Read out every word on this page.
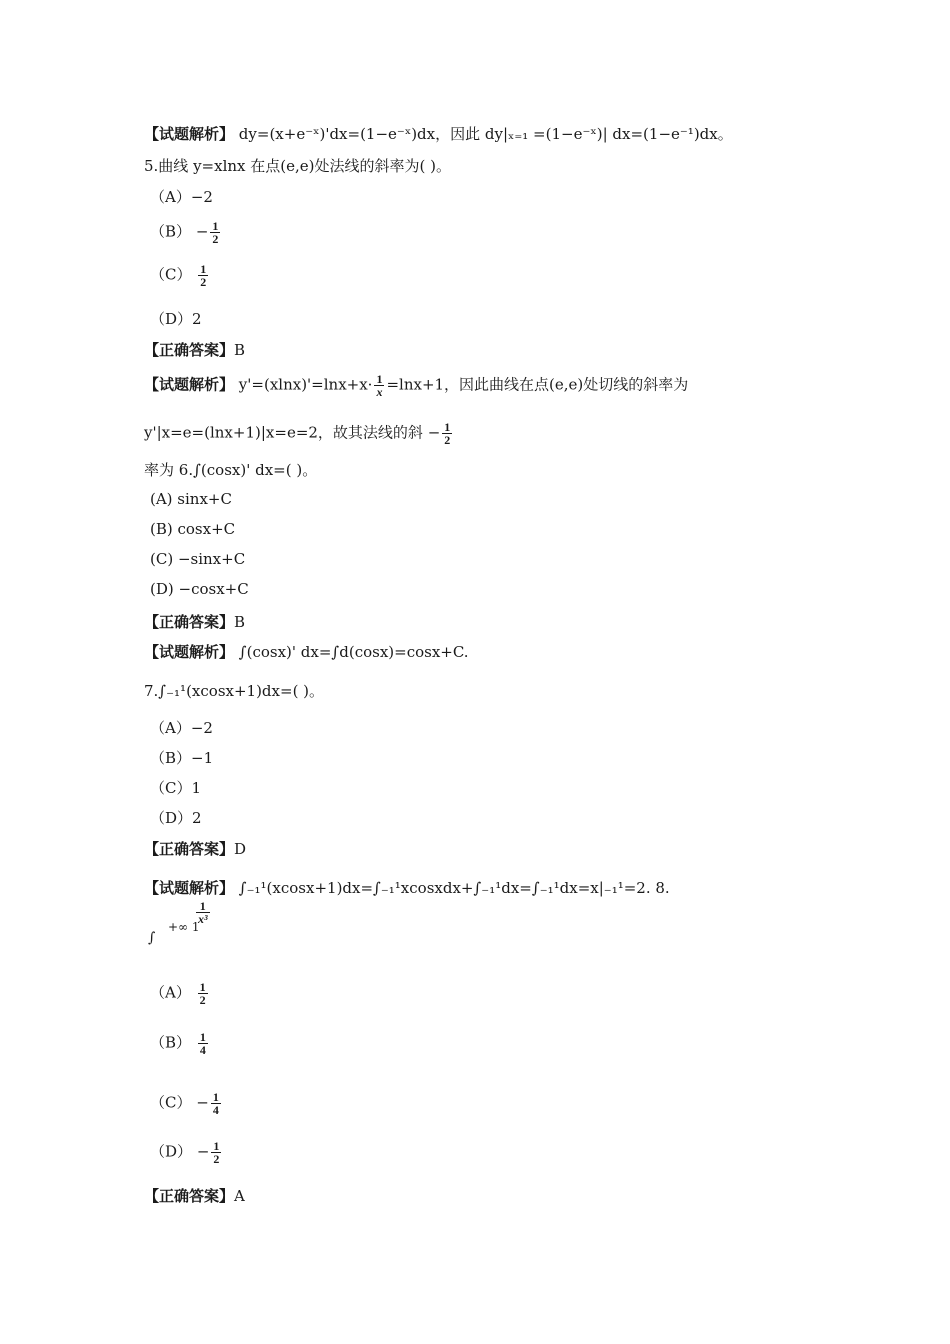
【试题解析】 dy=(x+e⁻ˣ)'dx=(1−e⁻ˣ)dx，因此 dy|ₓ₌₁ =(1−e⁻ˣ)| dx=(1−e⁻¹)dx。
5.曲线 y=xlnx 在点(e,e)处法线的斜率为( )。
（A）−2
$(B) - \frac{1}{2}$
$(C) \frac{1}{2}$
（D）2
【正确答案】B
【试题解析】 $y'=(xlnx)'=\ln x+x\cdot \frac{1}{x} =\ln x+1$，因此曲线在点(e,e)处切线的斜率为
y'|x=e=(lnx+1)|x=e=2，故其法线的斜 − $\frac{1}{2}$
率为 6.∫(cosx)' dx=( )。
(A) sinx+C
(B) cosx+C
(C) −sinx+C
(D) −cosx+C
【正确答案】B
【试题解析】 ∫(cosx)' dx=∫d(cosx)=cosx+C.
7.∫₋₁¹(xcosx+1)dx=( )。
（A）−2
（B）−1
（C）1
（D）2
【正确答案】D
【试题解析】 ∫₋₁¹(xcosx+1)dx=∫₋₁¹xcosxdx+∫₋₁¹dx=∫₋₁¹dx=x|₋₁¹=2. 8.
∫
+∞ 1
$\frac{1}{\text{x³}}$
$(A) \frac{1}{2}$
$(B) \frac{1}{4}$
$(C) - \frac{1}{4}$
$(D) - \frac{1}{2}$
【正确答案】A
